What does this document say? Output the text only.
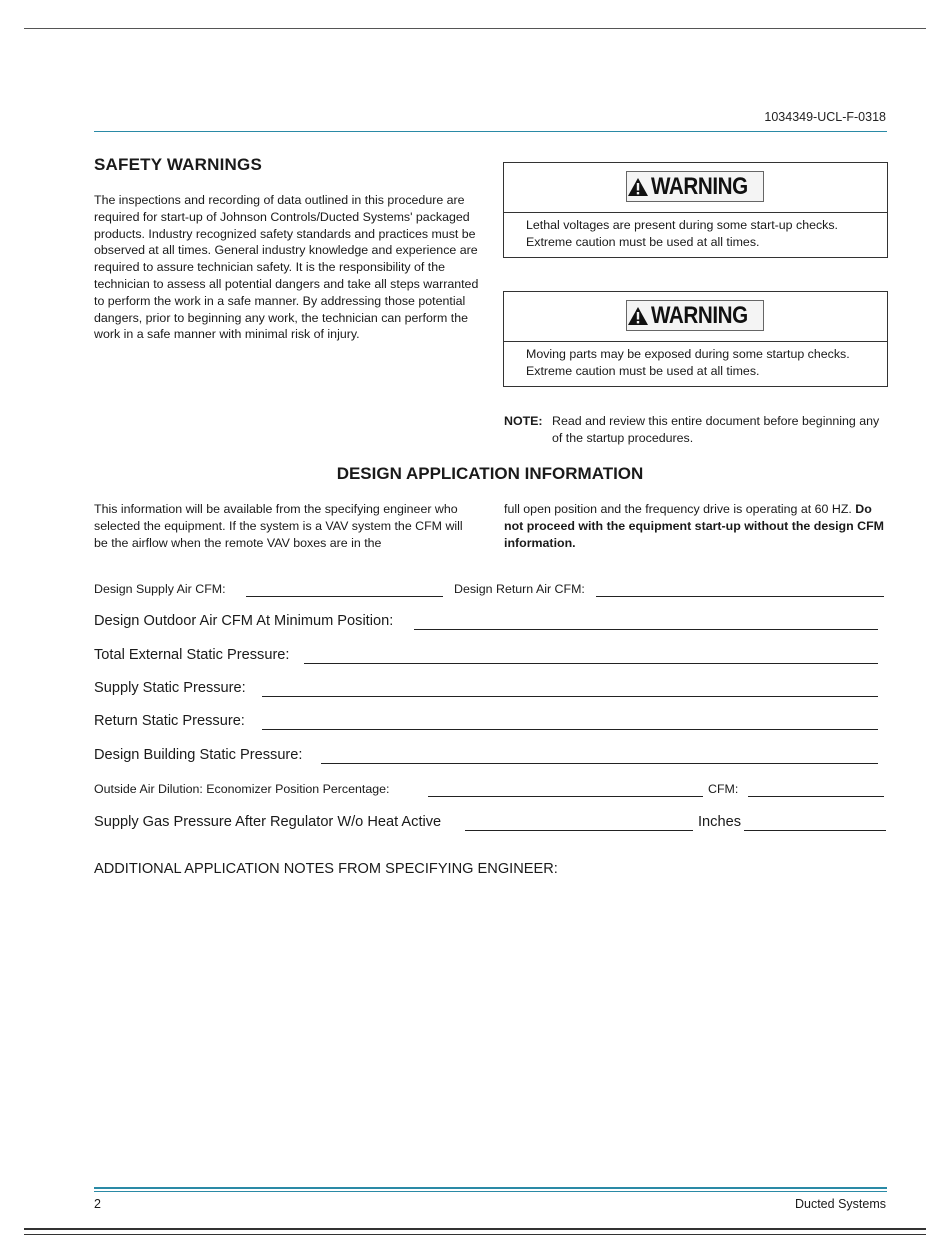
1034349-UCL-F-0318
SAFETY WARNINGS
The inspections and recording of data outlined in this procedure are required for start-up of Johnson Controls/Ducted Systems' packaged products. Industry recognized safety standards and practices must be observed at all times. General industry knowledge and experience are required to assure technician safety. It is the responsibility of the technician to assess all potential dangers and take all steps warranted to perform the work in a safe manner. By addressing those potential dangers, prior to beginning any work, the technician can perform the work in a safe manner with minimal risk of injury.
WARNING
Lethal voltages are present during some start-up checks. Extreme caution must be used at all times.
WARNING
Moving parts may be exposed during some startup checks. Extreme caution must be used at all times.
NOTE: Read and review this entire document before beginning any of the startup procedures.
DESIGN APPLICATION INFORMATION
This information will be available from the specifying engineer who selected the equipment. If the system is a VAV system the CFM will be the airflow when the remote VAV boxes are in the
full open position and the frequency drive is operating at 60 HZ. Do not proceed with the equipment start-up without the design CFM information.
Design Supply Air CFM:	Design Return Air CFM:
Design Outdoor Air CFM At Minimum Position:
Total External Static Pressure:
Supply Static Pressure:
Return Static Pressure:
Design Building Static Pressure:
Outside Air Dilution: Economizer Position Percentage:	CFM:
Supply Gas Pressure After Regulator W/o Heat Active	Inches
ADDITIONAL APPLICATION NOTES FROM SPECIFYING ENGINEER:
2	Ducted Systems
